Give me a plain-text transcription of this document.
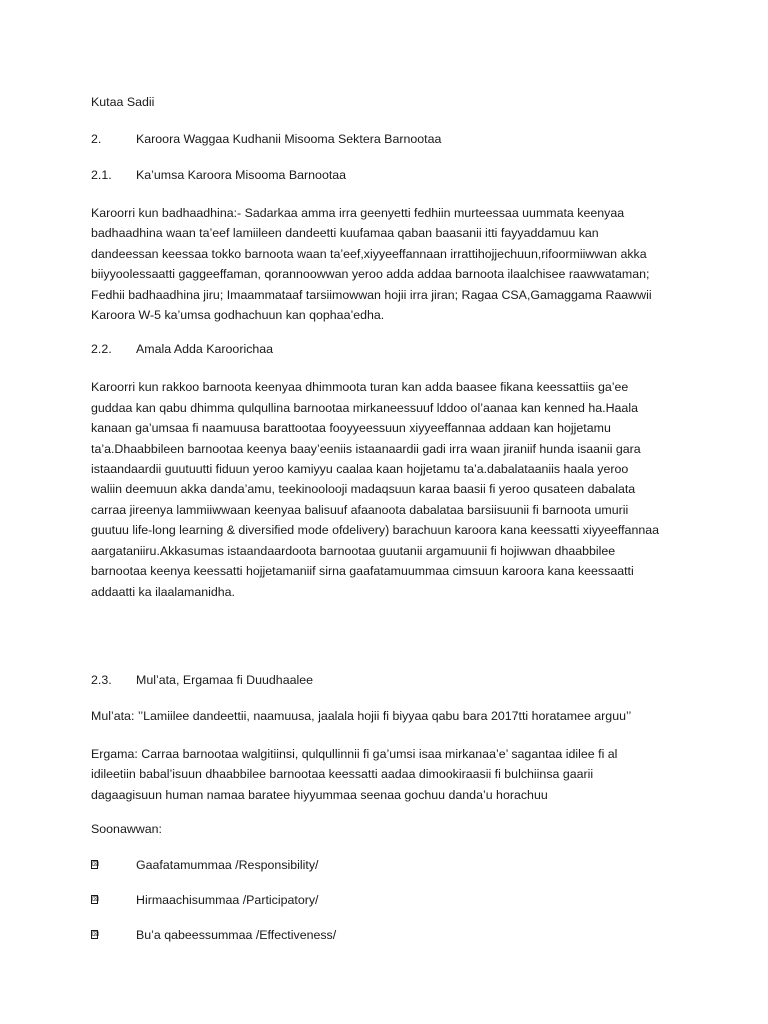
Kutaa Sadii
2.	Karoora Waggaa Kudhanii Misooma Sektera Barnootaa
2.1.	Ka’umsa Karoora Misooma Barnootaa
Karoorri kun badhaadhina:- Sadarkaa amma irra geenyetti fedhiin murteessaa uummata keenyaa
badhaadhina waan ta’eef lamiileen dandeetti kuufamaa qaban baasanii itti fayyaddamuu kan
dandeessan keessaa tokko barnoota waan ta’eef,xiyyeeffannaan irrattihojjechuun,rifoormiiwwan akka
biiyyoolessaatti gaggeeffaman, qorannoowwan yeroo adda addaa barnoota ilaalchisee raawwataman;
Fedhii badhaadhina jiru; Imaammataaf tarsiimowwan hojii irra jiran; Ragaa CSA,Gamaggama Raawwii
Karoora W-5 ka’umsa godhachuun kan qophaa’edha.
2.2.	Amala Adda Karoorichaa
Karoorri kun rakkoo barnoota keenyaa dhimmoota turan kan adda baasee fikana keessattiis ga’ee
guddaa kan qabu dhimma qulqullina barnootaa mirkaneessuuf lddoo ol’aanaa kan kenned ha.Haala
kanaan ga’umsaa fi naamuusa barattootaa fooyyeessuun xiyyeeffannaa addaan kan hojjetamu
ta’a.Dhaabbileen barnootaa keenya baay’eeniis istaanaardii gadi irra waan jiraniif hunda isaanii gara
istaandaardii guutuutti fiduun yeroo kamiyyu caalaa kaan hojjetamu ta’a.dabalataaniis haala yeroo
waliin deemuun akka danda’amu, teekinoolooji madaqsuun karaa baasii fi yeroo qusateen dabalata
carraa jireenya lammiiwwaan keenyaa balisuuf afaanoota dabalataa barsiisuunii fi barnoota umurii
guutuu life-long learning & diversified mode ofdelivery) barachuun karoora kana keessatti xiyyeeffannaa
aargataniiru.Akkasumas istaandaardoota barnootaa guutanii argamuunii fi hojiwwan dhaabbilee
barnootaa keenya keessatti hojjetamaniif sirna gaafatamuummaa cimsuun karoora kana keessaatti
addaatti ka ilaalamanidha.
2.3.	Mul’ata, Ergamaa fi Duudhaalee
Mul’ata: ’’Lamiilee dandeettii, naamuusa, jaalala hojii fi biyyaa qabu bara 2017tti horatamee arguu’’
Ergama: Carraa barnootaa walgitiinsi, qulqullinnii fi ga’umsi isaa mirkanaa’e’ sagantaa idilee fi al
idileetiin babal’isuun dhaabbilee barnootaa keessatti aadaa dimookiraasii fi bulchiinsa gaarii
dagaagisuun human namaa baratee hiyyummaa seenaa gochuu danda’u horachuu
Soonawwan:
⌧	Gaafatamummaa /Responsibility/
⌧	Hirmaachisummaa /Participatory/
⌧	Bu’a qabeessummaa /Effectiveness/
